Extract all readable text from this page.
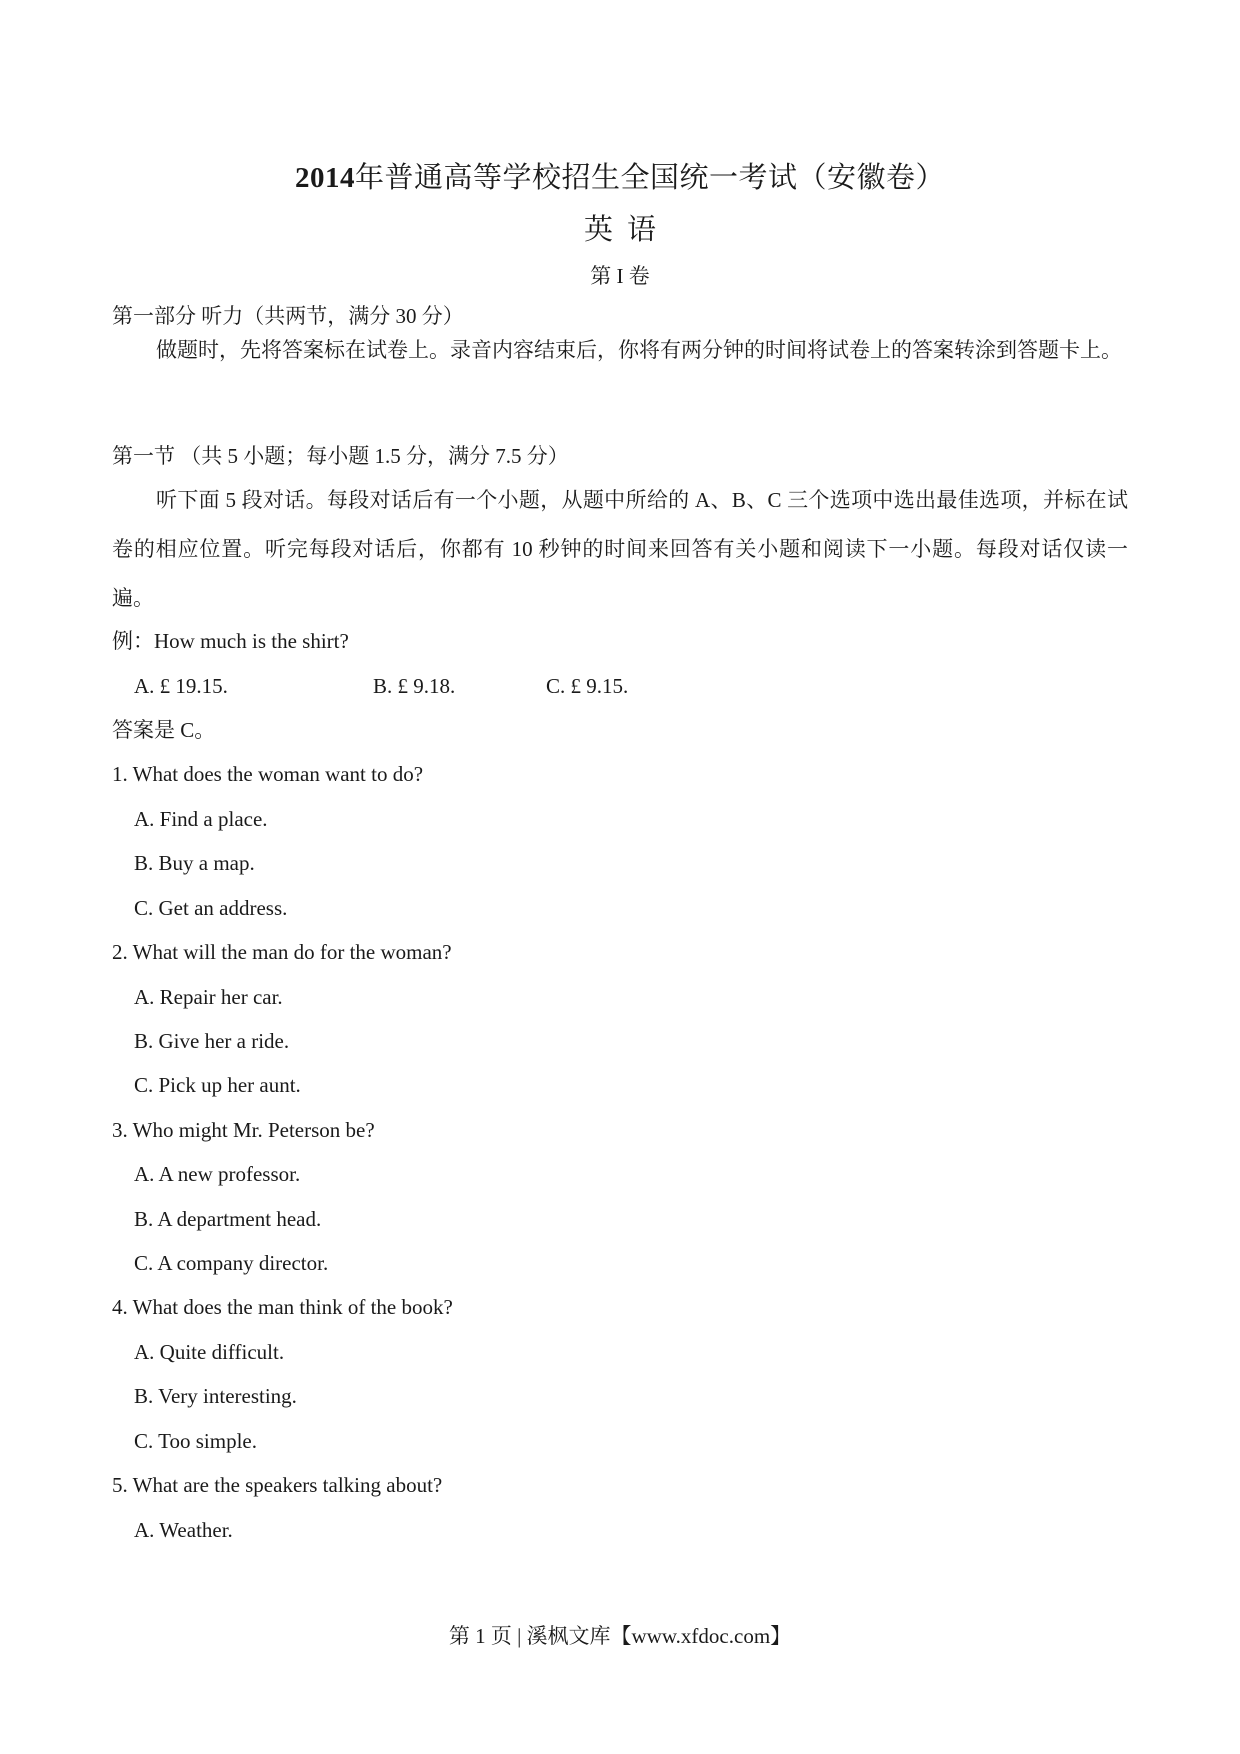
2014年普通高等学校招生全国统一考试（安徽卷）
英语
第 I 卷
第一部分 听力（共两节，满分 30 分）
做题时，先将答案标在试卷上。录音内容结束后，你将有两分钟的时间将试卷上的答案转涂到答题卡上。
第一节 （共 5 小题；每小题 1.5 分，满分 7.5 分）
听下面 5 段对话。每段对话后有一个小题，从题中所给的 A、B、C 三个选项中选出最佳选项，并标在试卷的相应位置。听完每段对话后，你都有 10 秒钟的时间来回答有关小题和阅读下一小题。每段对话仅读一遍。
例：How much is the shirt?
A. £ 19.15.	B. £ 9.18.	C. £ 9.15.
答案是 C。
1. What does the woman want to do?
A. Find a place.
B. Buy a map.
C. Get an address.
2. What will the man do for the woman?
A. Repair her car.
B. Give her a ride.
C. Pick up her aunt.
3. Who might Mr. Peterson be?
A. A new professor.
B. A department head.
C. A company director.
4. What does the man think of the book?
A. Quite difficult.
B. Very interesting.
C. Too simple.
5. What are the speakers talking about?
A. Weather.
第 1 页 | 溪枫文库【www.xfdoc.com】
